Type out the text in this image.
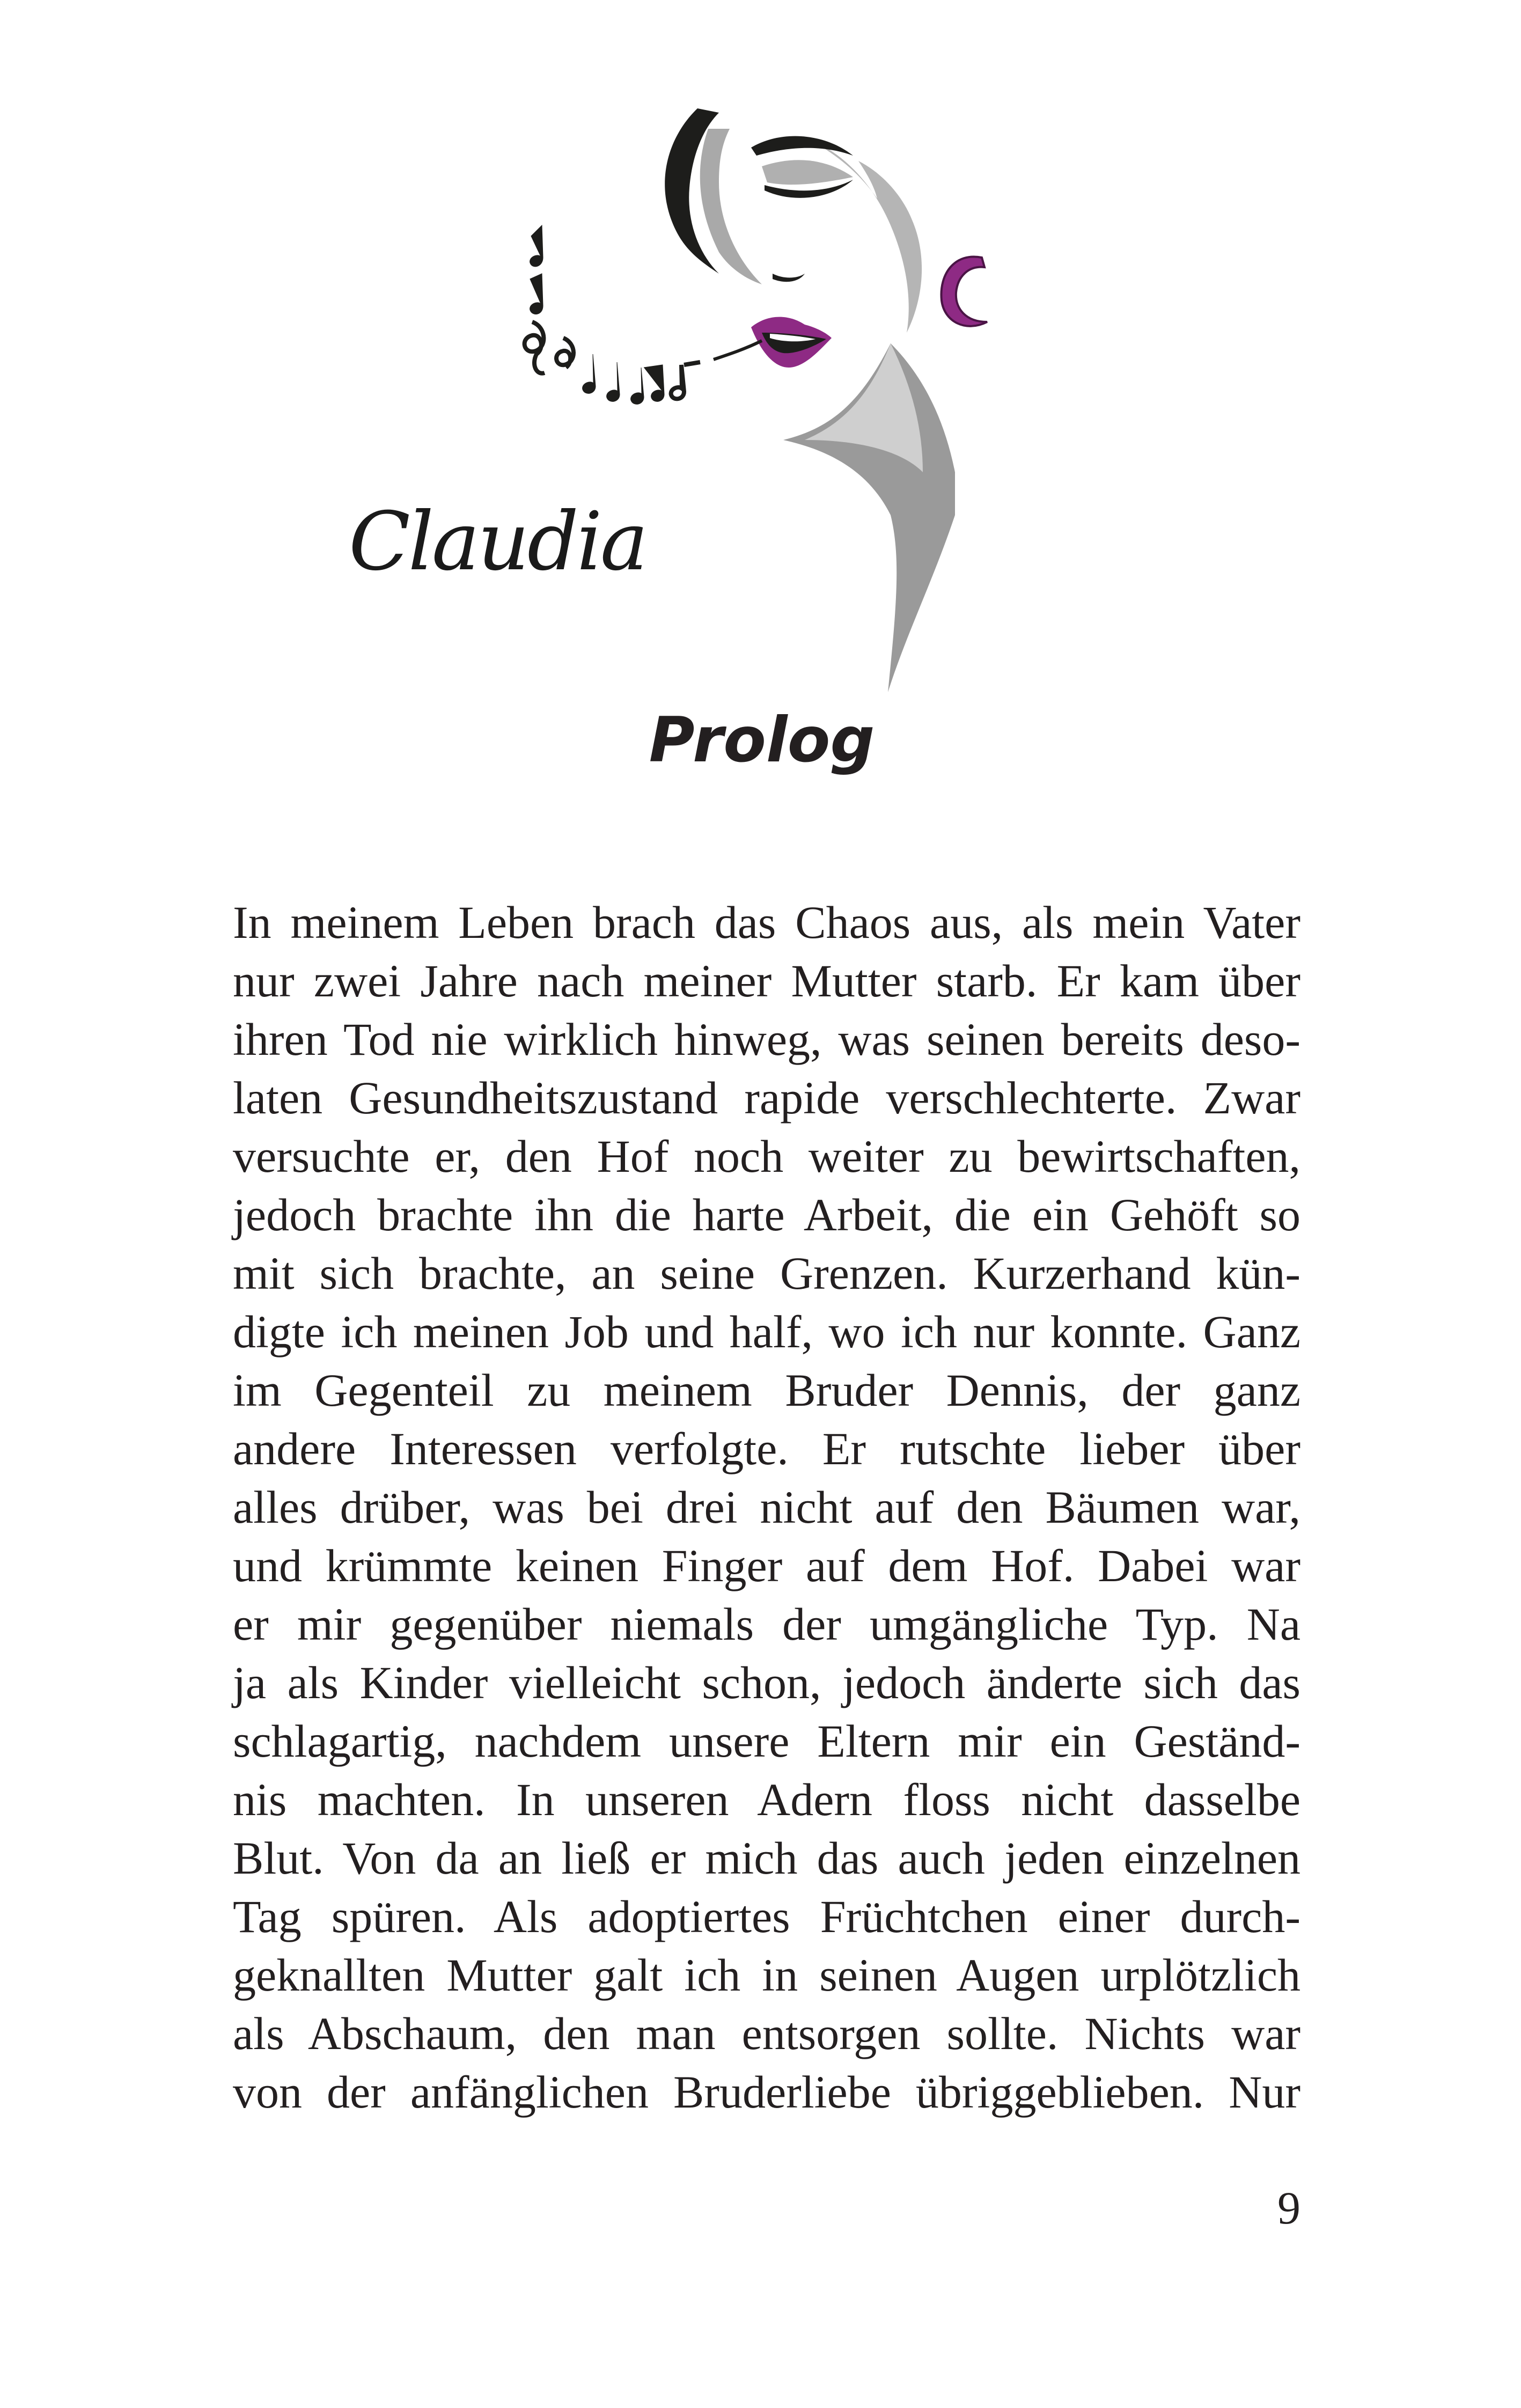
Claudia
Prolog
In meinem Leben brach das Chaos aus, als mein Vater
nur zwei Jahre nach meiner Mutter starb. Er kam über
ihren Tod nie wirklich hinweg, was seinen bereits deso-
laten Gesundheitszustand rapide verschlechterte. Zwar
versuchte er, den Hof noch weiter zu bewirtschaften,
jedoch brachte ihn die harte Arbeit, die ein Gehöft so
mit sich brachte, an seine Grenzen. Kurzerhand kün-
digte ich meinen Job und half, wo ich nur konnte. Ganz
im Gegenteil zu meinem Bruder Dennis, der ganz
andere Interessen verfolgte. Er rutschte lieber über
alles drüber, was bei drei nicht auf den Bäumen war,
und krümmte keinen Finger auf dem Hof. Dabei war
er mir gegenüber niemals der umgängliche Typ. Na
ja als Kinder vielleicht schon, jedoch änderte sich das
schlagartig, nachdem unsere Eltern mir ein Geständ-
nis machten. In unseren Adern floss nicht dasselbe
Blut. Von da an ließ er mich das auch jeden einzelnen
Tag spüren. Als adoptiertes Früchtchen einer durch-
geknallten Mutter galt ich in seinen Augen urplötzlich
als Abschaum, den man entsorgen sollte. Nichts war
von der anfänglichen Bruderliebe übriggeblieben. Nur
9
